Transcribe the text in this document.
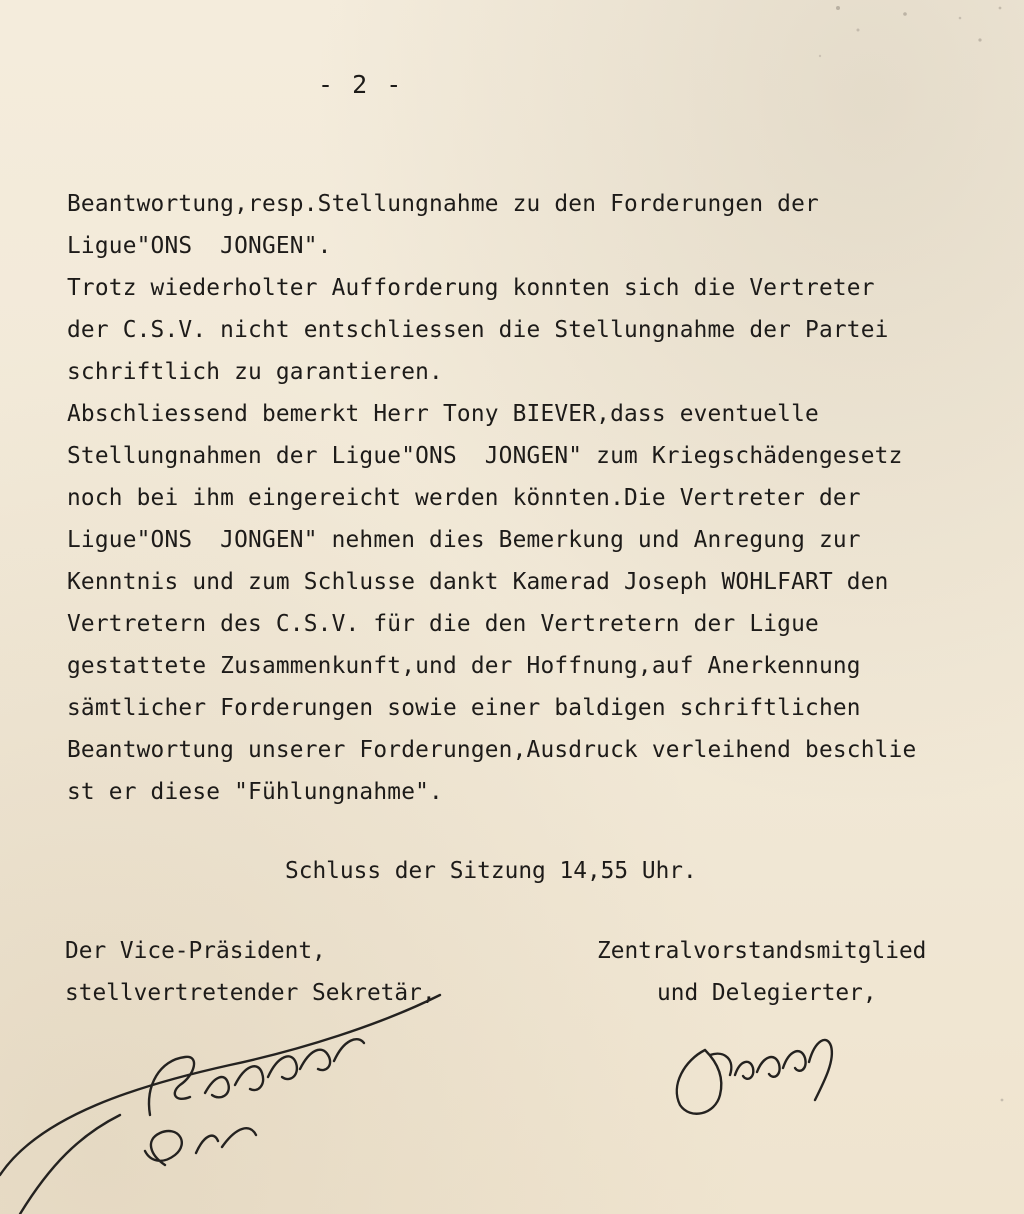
- 2 -

Beantwortung,resp.Stellungnahme zu den Forderungen der
Ligue"ONS  JONGEN".
Trotz wiederholter Aufforderung konnten sich die Vertreter
der C.S.V. nicht entschliessen die Stellungnahme der Partei
schriftlich zu garantieren.
Abschliessend bemerkt Herr Tony BIEVER,dass eventuelle
Stellungnahmen der Ligue"ONS  JONGEN" zum Kriegschädengesetz
noch bei ihm eingereicht werden könnten.Die Vertreter der
Ligue"ONS  JONGEN" nehmen dies Bemerkung und Anregung zur
Kenntnis und zum Schlusse dankt Kamerad Joseph WOHLFART den
Vertretern des C.S.V. für die den Vertretern der Ligue
gestattete Zusammenkunft,und der Hoffnung,auf Anerkennung
sämtlicher Forderungen sowie einer baldigen schriftlichen
Beantwortung unserer Forderungen,Ausdruck verleihend beschlie
st er diese "Fühlungnahme".

Schluss der Sitzung 14,55 Uhr.
Der Vice-Präsident,
stellvertretender Sekretär,
Zentralvorstandsmitglied
und Delegierter,
